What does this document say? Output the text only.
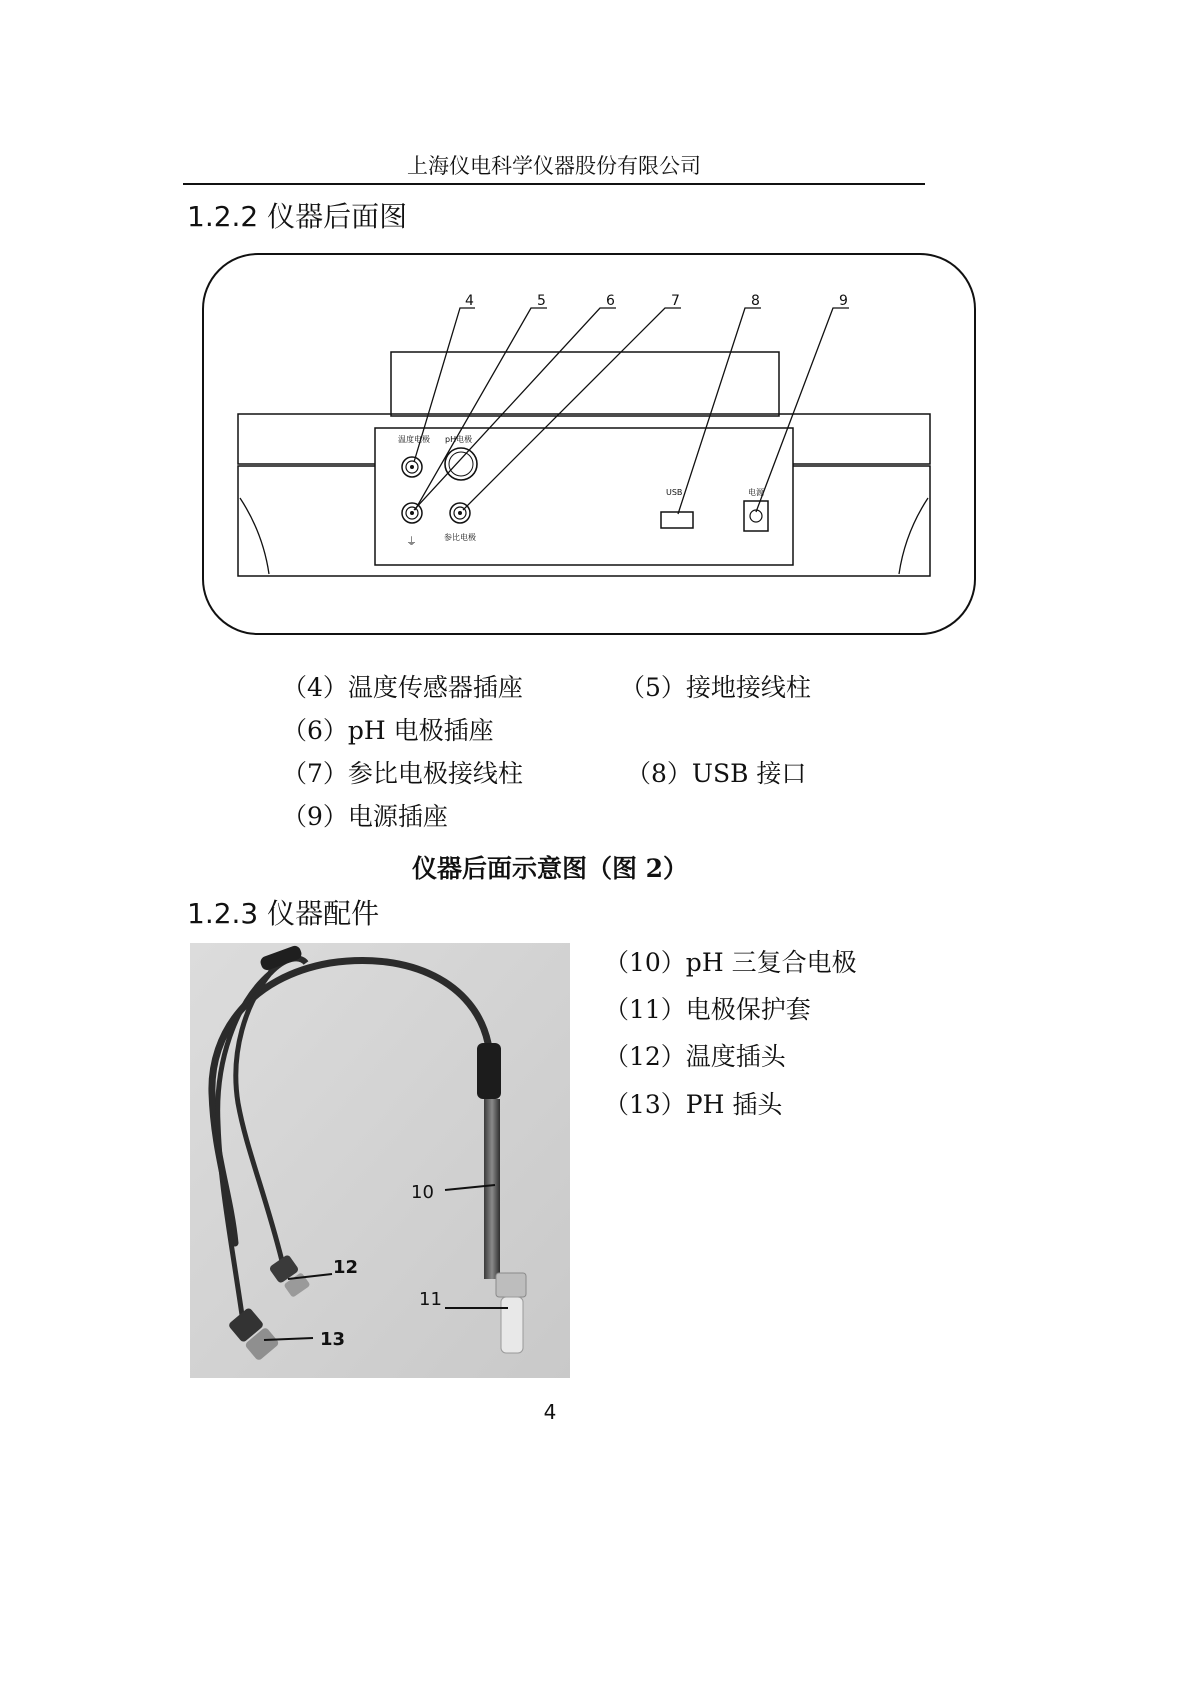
上海仪电科学仪器股份有限公司
1.2.2 仪器后面图
温度电极 pH电极
⏚	参比电极
USB	电源
4	5	6	7	8	9
（4）温度传感器插座	（5）接地接线柱
（6）pH 电极插座
（7）参比电极接线柱	（8）USB 接口
（9）电源插座
仪器后面示意图（图 2）
1.2.3 仪器配件
10
11
12
13
（10）pH 三复合电极
（11）电极保护套
（12）温度插头
（13）PH 插头
4
